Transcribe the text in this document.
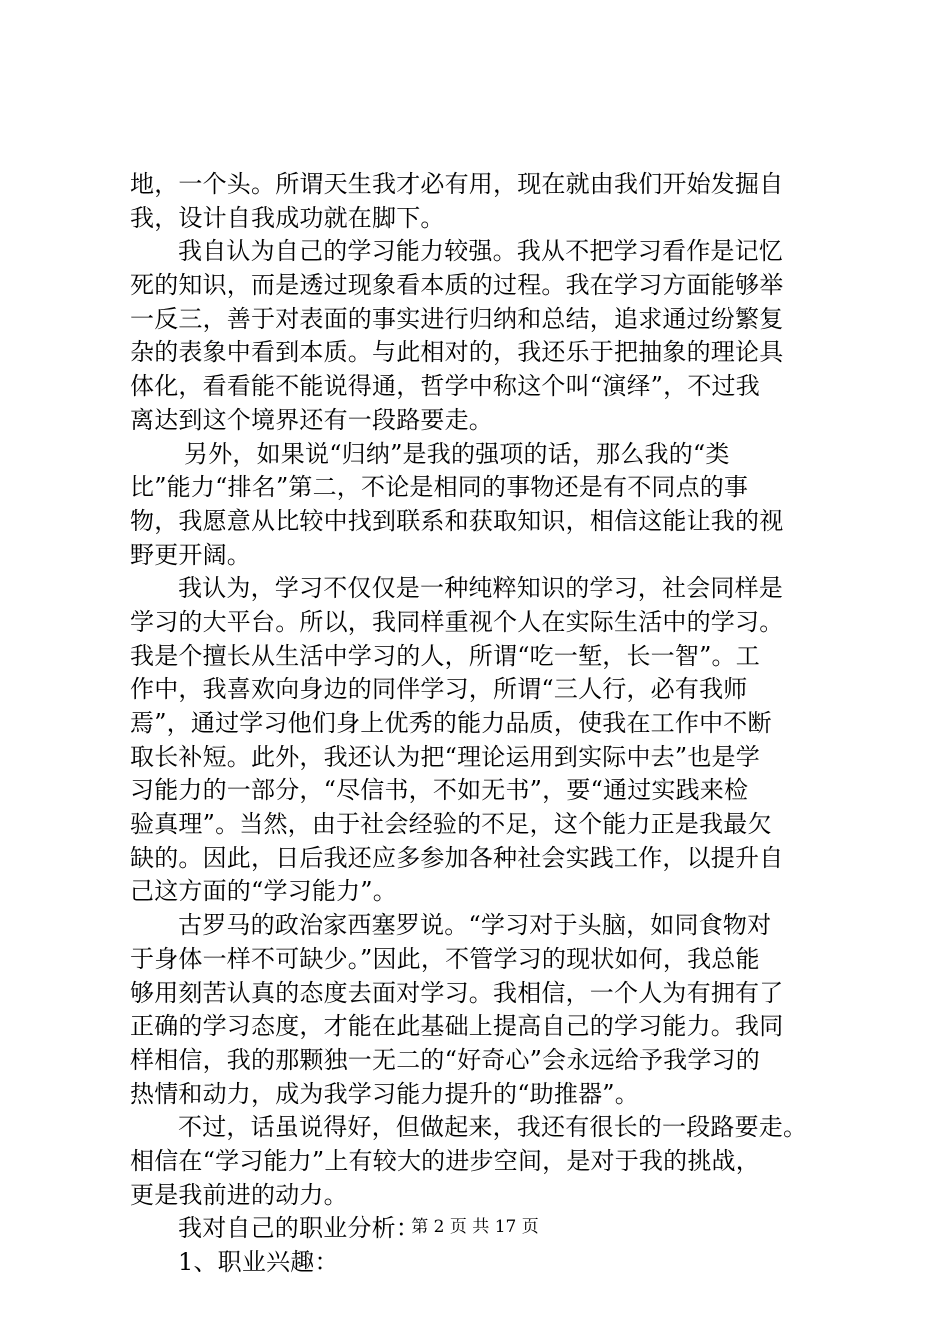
地，一个头。所谓天生我才必有用，现在就由我们开始发掘自
我，设计自我成功就在脚下。
我自认为自己的学习能力较强。我从不把学习看作是记忆
死的知识，而是透过现象看本质的过程。我在学习方面能够举
一反三，善于对表面的事实进行归纳和总结，追求通过纷繁复
杂的表象中看到本质。与此相对的，我还乐于把抽象的理论具
体化，看看能不能说得通，哲学中称这个叫“演绎”，不过我
离达到这个境界还有一段路要走。
另外，如果说“归纳”是我的强项的话，那么我的“类
比”能力“排名”第二，不论是相同的事物还是有不同点的事
物，我愿意从比较中找到联系和获取知识，相信这能让我的视
野更开阔。
我认为，学习不仅仅是一种纯粹知识的学习，社会同样是
学习的大平台。所以，我同样重视个人在实际生活中的学习。
我是个擅长从生活中学习的人，所谓“吃一堑，长一智”。工
作中，我喜欢向身边的同伴学习，所谓“三人行，必有我师
焉”，通过学习他们身上优秀的能力品质，使我在工作中不断
取长补短。此外，我还认为把“理论运用到实际中去”也是学
习能力的一部分，“尽信书，不如无书”，要“通过实践来检
验真理”。当然，由于社会经验的不足，这个能力正是我最欠
缺的。因此，日后我还应多参加各种社会实践工作，以提升自
己这方面的“学习能力”。
古罗马的政治家西塞罗说。“学习对于头脑，如同食物对
于身体一样不可缺少。”因此，不管学习的现状如何，我总能
够用刻苦认真的态度去面对学习。我相信，一个人为有拥有了
正确的学习态度，才能在此基础上提高自己的学习能力。我同
样相信，我的那颗独一无二的“好奇心”会永远给予我学习的
热情和动力，成为我学习能力提升的“助推器”。
不过，话虽说得好，但做起来，我还有很长的一段路要走。
相信在“学习能力”上有较大的进步空间，是对于我的挑战，
更是我前进的动力。
我对自己的职业分析：
1、职业兴趣：
第 2 页 共 17 页
